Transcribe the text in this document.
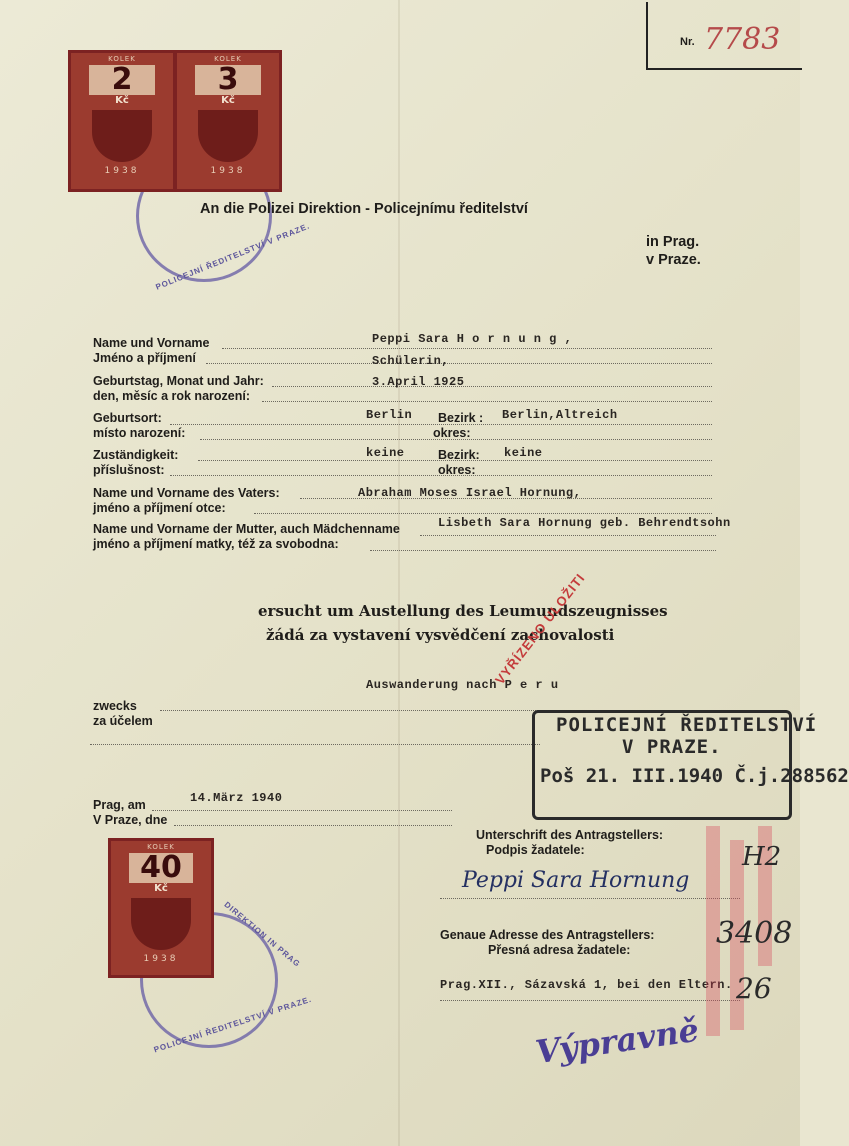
Nr. 7783
POLICEJNÍ ŘEDITELSTVÍ V PRAZE.
POLICEJNÍ ŘEDITELSTVÍ V PRAZE.
DIREKTION IN PRAG
KOLEK
2
Kč
1938
KOLEK
3
Kč
1938
KOLEK
40
Kč
1938
An die Polizei Direktion - Policejnímu ředitelství
in Prag.
v Praze.
Name und Vorname
Jméno a příjmení
Peppi Sara H o r n u n g ,
Schülerin,
Geburtstag, Monat und Jahr:
den, měsíc a rok narození:
3.April 1925
Geburtsort:
místo narození:
Berlin Bezirk :
okres:
Berlin,Altreich
Zuständigkeit:
příslušnost:
keine	Bezirk:
okres:
keine
Name und Vorname des Vaters:
jméno a příjmení otce:
Abraham Moses Israel Hornung,
Name und Vorname der Mutter, auch Mädchenname
jméno a příjmení matky, též za svobodna:
Lisbeth Sara Hornung geb. Behrendtsohn
ersucht um Austellung des Leumundszeugnisses
žádá za vystavení vysvědčení zachovalosti
zwecks
za účelem
Auswanderung nach P e r u
POLICEJNÍ ŘEDITELSTVÍ
V PRAZE.
Poš 21. III.1940 Č.j.288562
VYŘÍZENO ULOŽITI
Prag, am
V Praze, dne
14.März 1940
Unterschrift des Antragstellers:
Podpis žadatele:
Peppi Sara Hornung
Genaue Adresse des Antragstellers:
Přesná adresa žadatele:
Prag.XII., Sázavská 1, bei den Eltern.
H2
3408
26
Výpravně
